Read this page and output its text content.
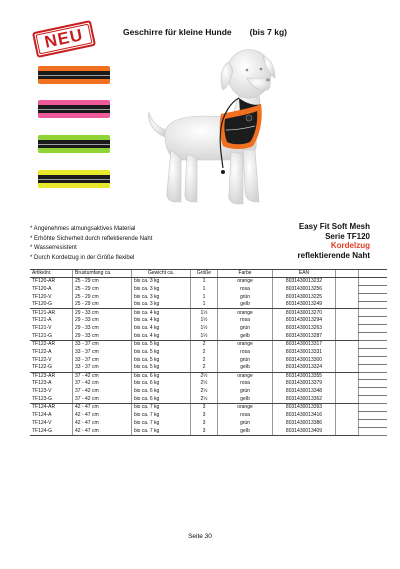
NEU	Geschirre für kleine Hunde (bis 7 kg)
* Angenehmes atmungsaktives Material
* Erhöhte Sicherheit durch reflektierende Naht
* Wasserresistent
* Durch Kordelzug in der Größe flexibel
Easy Fit Soft Mesh
Serie TF120
Kordelzug
reflektierende Naht
Artikelnr.	Brustumfang ca.	Gewicht ca.	Größe	Farbe	EAN		
TF120-AR	25 - 29 cm	bis ca. 3 kg	1	orange	8031430013232		
TF120-A	25 - 29 cm	bis ca. 3 kg	1	rosa	8031430013256		
TF120-V	25 - 29 cm	bis ca. 3 kg	1	grün	8031430013225		
TF120-G	25 - 29 cm	bis ca. 3 kg	1	gelb	8031430013249		
TF121-AR	29 - 33 cm	bis ca. 4 kg	1½	orange	8031430013270		
TF121-A	29 - 33 cm	bis ca. 4 kg	1½	rosa	8031430013294		
TF121-V	29 - 33 cm	bis ca. 4 kg	1½	grün	8031430013263		
TF121-G	29 - 33 cm	bis ca. 4 kg	1½	gelb	8031430013287		
TF122-AR	33 - 37 cm	bis ca. 5 kg	2	orange	8031430013317		
TF122-A	33 - 37 cm	bis ca. 5 kg	2	rosa	8031430013331		
TF122-V	33 - 37 cm	bis ca. 5 kg	2	grün	8031430013300		
TF122-G	33 - 37 cm	bis ca. 5 kg	2	gelb	8031430013324		
TF123-AR	37 - 42 cm	bis ca. 6 kg	2½	orange	8031430013355		
TF123-A	37 - 42 cm	bis ca. 6 kg	2½	rosa	8031430013379		
TF123-V	37 - 42 cm	bis ca. 6 kg	2½	grün	8031430013348		
TF123-G	37 - 42 cm	bis ca. 6 kg	2½	gelb	8031430013362		
TF124-AR	42 - 47 cm	bis ca. 7 kg	3	orange	8031430013393		
TF124-A	42 - 47 cm	bis ca. 7 kg	3	rosa	8031430013416		
TF124-V	42 - 47 cm	bis ca. 7 kg	3	grün	8031430013386		
TF124-G	42 - 47 cm	bis ca. 7 kg	3	gelb	8031430013409		
Seite 30
